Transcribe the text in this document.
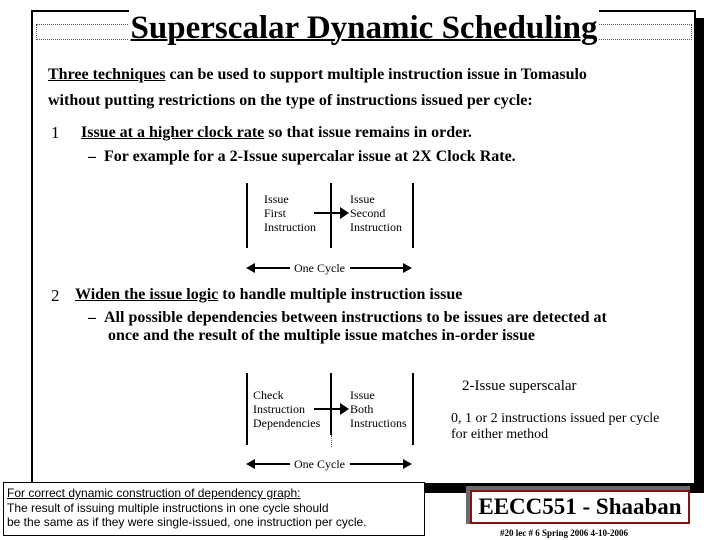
Superscalar Dynamic Scheduling
Three techniques can be used to support multiple instruction issue in Tomasulo
without putting restrictions on the type of instructions issued per cycle:
1 Issue at a higher clock rate so that issue remains in order.
– For example for a 2-Issue supercalar issue at 2X Clock Rate.
Issue
First
Instruction
Issue
Second
Instruction
One Cycle
2 Widen the issue logic to handle multiple instruction issue
– All possible dependencies between instructions to be issues are detected at
once and the result of the multiple issue matches in-order issue
Check
Instruction
Dependencies
Issue
Both
Instructions
2-Issue superscalar
0, 1 or 2 instructions issued per cycle
for either method
One Cycle
For correct dynamic construction of dependency graph:
The result of issuing multiple instructions in one cycle should
be the same as if they were single-issued, one instruction per cycle.
EECC551 - Shaaban
#20 lec # 6 Spring 2006 4-10-2006
